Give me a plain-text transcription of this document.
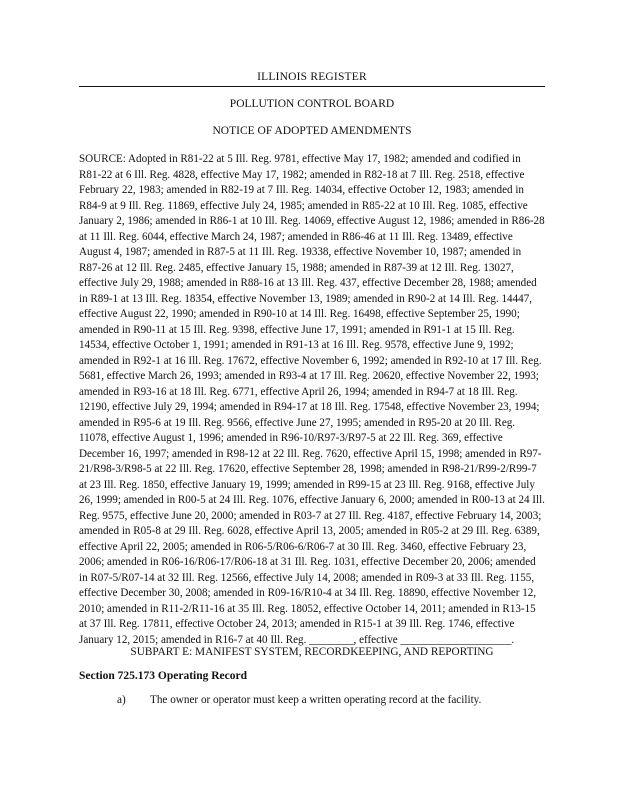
ILLINOIS REGISTER
POLLUTION CONTROL BOARD
NOTICE OF ADOPTED AMENDMENTS
SOURCE: Adopted in R81-22 at 5 Ill. Reg. 9781, effective May 17, 1982; amended and codified in R81-22 at 6 Ill. Reg. 4828, effective May 17, 1982; amended in R82-18 at 7 Ill. Reg. 2518, effective February 22, 1983; amended in R82-19 at 7 Ill. Reg. 14034, effective October 12, 1983; amended in R84-9 at 9 Ill. Reg. 11869, effective July 24, 1985; amended in R85-22 at 10 Ill. Reg. 1085, effective January 2, 1986; amended in R86-1 at 10 Ill. Reg. 14069, effective August 12, 1986; amended in R86-28 at 11 Ill. Reg. 6044, effective March 24, 1987; amended in R86-46 at 11 Ill. Reg. 13489, effective August 4, 1987; amended in R87-5 at 11 Ill. Reg. 19338, effective November 10, 1987; amended in R87-26 at 12 Ill. Reg. 2485, effective January 15, 1988; amended in R87-39 at 12 Ill. Reg. 13027, effective July 29, 1988; amended in R88-16 at 13 Ill. Reg. 437, effective December 28, 1988; amended in R89-1 at 13 Ill. Reg. 18354, effective November 13, 1989; amended in R90-2 at 14 Ill. Reg. 14447, effective August 22, 1990; amended in R90-10 at 14 Ill. Reg. 16498, effective September 25, 1990; amended in R90-11 at 15 Ill. Reg. 9398, effective June 17, 1991; amended in R91-1 at 15 Ill. Reg. 14534, effective October 1, 1991; amended in R91-13 at 16 Ill. Reg. 9578, effective June 9, 1992; amended in R92-1 at 16 Ill. Reg. 17672, effective November 6, 1992; amended in R92-10 at 17 Ill. Reg. 5681, effective March 26, 1993; amended in R93-4 at 17 Ill. Reg. 20620, effective November 22, 1993; amended in R93-16 at 18 Ill. Reg. 6771, effective April 26, 1994; amended in R94-7 at 18 Ill. Reg. 12190, effective July 29, 1994; amended in R94-17 at 18 Ill. Reg. 17548, effective November 23, 1994; amended in R95-6 at 19 Ill. Reg. 9566, effective June 27, 1995; amended in R95-20 at 20 Ill. Reg. 11078, effective August 1, 1996; amended in R96-10/R97-3/R97-5 at 22 Ill. Reg. 369, effective December 16, 1997; amended in R98-12 at 22 Ill. Reg. 7620, effective April 15, 1998; amended in R97-21/R98-3/R98-5 at 22 Ill. Reg. 17620, effective September 28, 1998; amended in R98-21/R99-2/R99-7 at 23 Ill. Reg. 1850, effective January 19, 1999; amended in R99-15 at 23 Ill. Reg. 9168, effective July 26, 1999; amended in R00-5 at 24 Ill. Reg. 1076, effective January 6, 2000; amended in R00-13 at 24 Ill. Reg. 9575, effective June 20, 2000; amended in R03-7 at 27 Ill. Reg. 4187, effective February 14, 2003; amended in R05-8 at 29 Ill. Reg. 6028, effective April 13, 2005; amended in R05-2 at 29 Ill. Reg. 6389, effective April 22, 2005; amended in R06-5/R06-6/R06-7 at 30 Ill. Reg. 3460, effective February 23, 2006; amended in R06-16/R06-17/R06-18 at 31 Ill. Reg. 1031, effective December 20, 2006; amended in R07-5/R07-14 at 32 Ill. Reg. 12566, effective July 14, 2008; amended in R09-3 at 33 Ill. Reg. 1155, effective December 30, 2008; amended in R09-16/R10-4 at 34 Ill. Reg. 18890, effective November 12, 2010; amended in R11-2/R11-16 at 35 Ill. Reg. 18052, effective October 14, 2011; amended in R13-15 at 37 Ill. Reg. 17811, effective October 24, 2013; amended in R15-1 at 39 Ill. Reg. 1746, effective January 12, 2015; amended in R16-7 at 40 Ill. Reg. ________, effective ____________________.
SUBPART E: MANIFEST SYSTEM, RECORDKEEPING, AND REPORTING
Section 725.173 Operating Record
a) The owner or operator must keep a written operating record at the facility.
